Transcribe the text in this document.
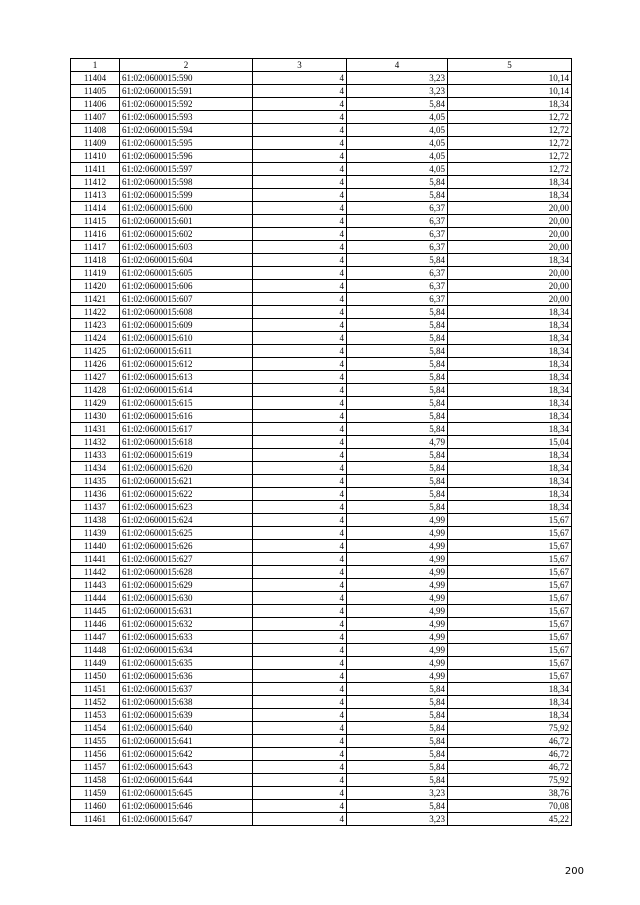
1	2	3	4	5
11404	61:02:0600015:590	4	3,23	10,14
11405	61:02:0600015:591	4	3,23	10,14
11406	61:02:0600015:592	4	5,84	18,34
11407	61:02:0600015:593	4	4,05	12,72
11408	61:02:0600015:594	4	4,05	12,72
11409	61:02:0600015:595	4	4,05	12,72
11410	61:02:0600015:596	4	4,05	12,72
11411	61:02:0600015:597	4	4,05	12,72
11412	61:02:0600015:598	4	5,84	18,34
11413	61:02:0600015:599	4	5,84	18,34
11414	61:02:0600015:600	4	6,37	20,00
11415	61:02:0600015:601	4	6,37	20,00
11416	61:02:0600015:602	4	6,37	20,00
11417	61:02:0600015:603	4	6,37	20,00
11418	61:02:0600015:604	4	5,84	18,34
11419	61:02:0600015:605	4	6,37	20,00
11420	61:02:0600015:606	4	6,37	20,00
11421	61:02:0600015:607	4	6,37	20,00
11422	61:02:0600015:608	4	5,84	18,34
11423	61:02:0600015:609	4	5,84	18,34
11424	61:02:0600015:610	4	5,84	18,34
11425	61:02:0600015:611	4	5,84	18,34
11426	61:02:0600015:612	4	5,84	18,34
11427	61:02:0600015:613	4	5,84	18,34
11428	61:02:0600015:614	4	5,84	18,34
11429	61:02:0600015:615	4	5,84	18,34
11430	61:02:0600015:616	4	5,84	18,34
11431	61:02:0600015:617	4	5,84	18,34
11432	61:02:0600015:618	4	4,79	15,04
11433	61:02:0600015:619	4	5,84	18,34
11434	61:02:0600015:620	4	5,84	18,34
11435	61:02:0600015:621	4	5,84	18,34
11436	61:02:0600015:622	4	5,84	18,34
11437	61:02:0600015:623	4	5,84	18,34
11438	61:02:0600015:624	4	4,99	15,67
11439	61:02:0600015:625	4	4,99	15,67
11440	61:02:0600015:626	4	4,99	15,67
11441	61:02:0600015:627	4	4,99	15,67
11442	61:02:0600015:628	4	4,99	15,67
11443	61:02:0600015:629	4	4,99	15,67
11444	61:02:0600015:630	4	4,99	15,67
11445	61:02:0600015:631	4	4,99	15,67
11446	61:02:0600015:632	4	4,99	15,67
11447	61:02:0600015:633	4	4,99	15,67
11448	61:02:0600015:634	4	4,99	15,67
11449	61:02:0600015:635	4	4,99	15,67
11450	61:02:0600015:636	4	4,99	15,67
11451	61:02:0600015:637	4	5,84	18,34
11452	61:02:0600015:638	4	5,84	18,34
11453	61:02:0600015:639	4	5,84	18,34
11454	61:02:0600015:640	4	5,84	75,92
11455	61:02:0600015:641	4	5,84	46,72
11456	61:02:0600015:642	4	5,84	46,72
11457	61:02:0600015:643	4	5,84	46,72
11458	61:02:0600015:644	4	5,84	75,92
11459	61:02:0600015:645	4	3,23	38,76
11460	61:02:0600015:646	4	5,84	70,08
11461	61:02:0600015:647	4	3,23	45,22
200
